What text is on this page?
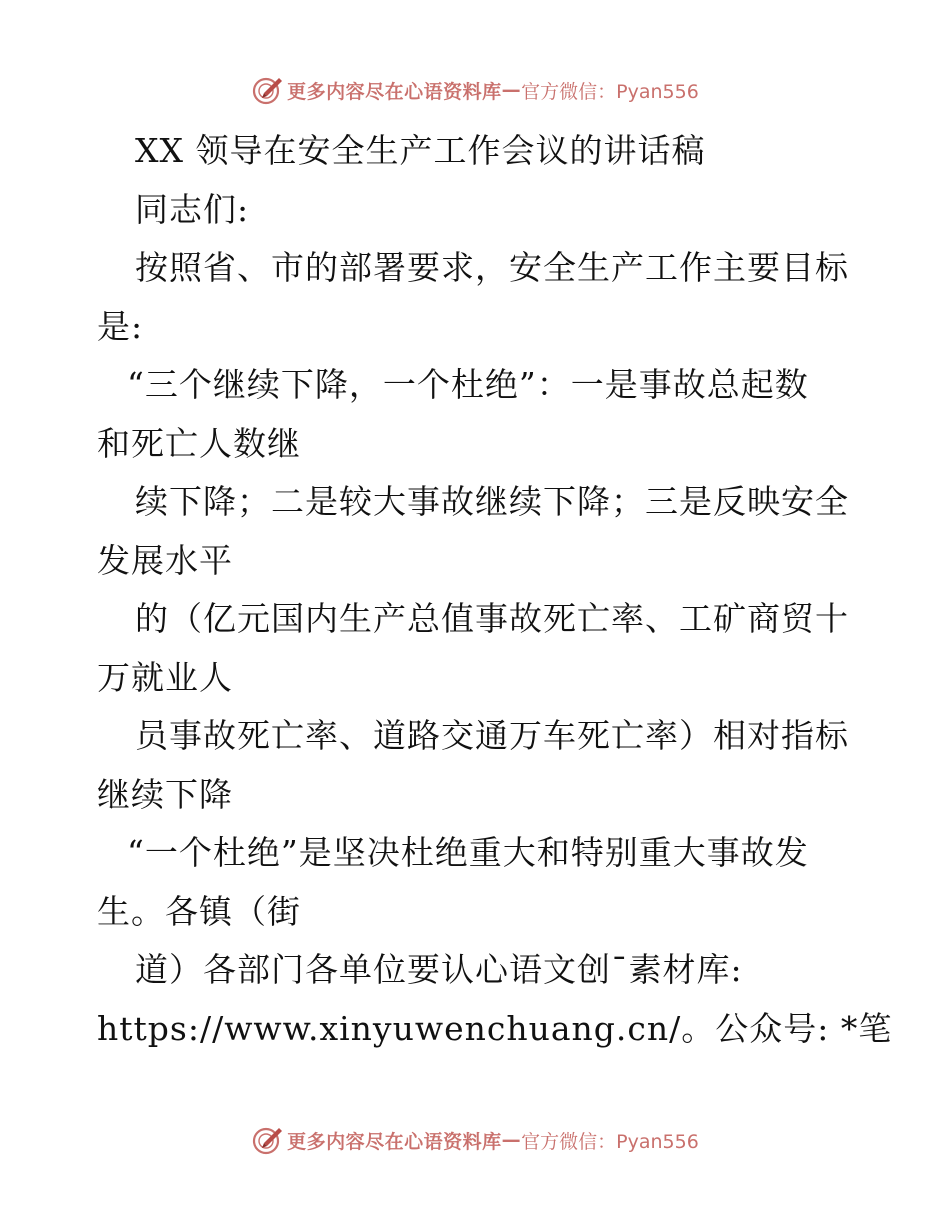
更多内容尽在心语资料库 — 官方微信：Pyan556
XX 领导在安全生产工作会议的讲话稿
同志们:
按照省、市的部署要求，安全生产工作主要目标
是:
“三个继续下降，一个杜绝”：一是事故总起数
和死亡人数继
续下降；二是较大事故继续下降；三是反映安全
发展水平
的（亿元国内生产总值事故死亡率、工矿商贸十
万就业人
员事故死亡率、道路交通万车死亡率）相对指标
继续下降
“一个杜绝”是坚决杜绝重大和特别重大事故发
生。各镇（街
道）各部门各单位要认心语文创¯素材库:
https://www.xinyuwenchuang.cn/。公众号: *笔
更多内容尽在心语资料库 — 官方微信：Pyan556
